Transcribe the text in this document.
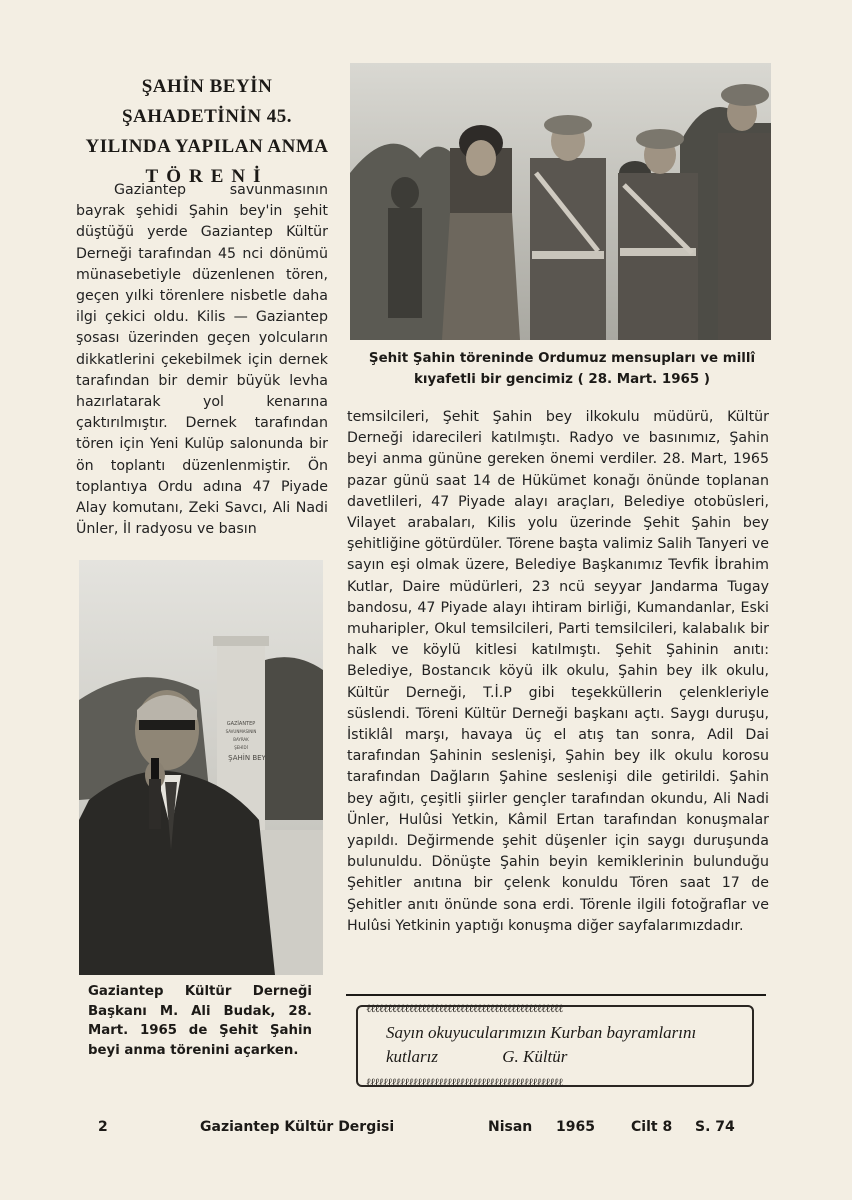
ŞAHİN BEYİN ŞAHADETİNİN 45.
YILINDA YAPILAN ANMA
TÖRENİ

Gaziantep savunmasının bayrak şehidi Şahin bey'in şehit düştüğü yerde Gaziantep Kültür Derneği tarafından 45 nci dönümü münasebetiyle düzenlenen tören, geçen yılki törenlere nisbetle daha ilgi çekici oldu. Kilis — Gaziantep şosası üzerinden geçen yolcuların dikkatlerini çekebilmek için dernek tarafından bir demir büyük levha hazırlatarak yol kenarına çaktırılmıştır. Dernek tarafından tören için Yeni Kulüp salonunda bir ön toplantı düzenlenmiştir. Ön toplantıya Ordu adına 47 Piyade Alay komutanı, Zeki Savcı, Ali Nadi Ünler, İl radyosu ve basın

Şehit Şahin töreninde Ordumuz mensupları ve millî kıyafetli bir gencimiz ( 28. Mart. 1965 )

temsilcileri, Şehit Şahin bey ilkokulu müdürü, Kültür Derneği idarecileri katılmıştı. Radyo ve basınımız, Şahin beyi anma gününe gereken önemi verdiler. 28. Mart, 1965 pazar günü saat 14 de Hükümet konağı önünde toplanan davetlileri, 47 Piyade alayı araçları, Belediye otobüsleri, Vilayet arabaları, Kilis yolu üzerinde Şehit Şahin bey şehitliğine götürdüler. Törene başta valimiz Salih Tanyeri ve sayın eşi olmak üzere, Belediye Başkanımız Tevfik İbrahim Kutlar, Daire müdürleri, 23 ncü seyyar Jandarma Tugay bandosu, 47 Piyade alayı ihtiram birliği, Kumandanlar, Eski muharipler, Okul temsilcileri, Parti temsilcileri, kalabalık bir halk ve köylü kitlesi katılmıştı. Şehit Şahinin anıtı: Belediye, Bostancık köyü ilk okulu, Şahin bey ilk okulu, Kültür Derneği, T.İ.P gibi teşekküllerin çelenkleriyle süslendi. Töreni Kültür Derneği başkanı açtı. Saygı duruşu, İstiklâl marşı, havaya üç el atış tan sonra, Adil Dai tarafından Şahinin seslenişi, Şahin bey ilk okulu korosu tarafından Dağların Şahine seslenişi dile getirildi. Şahin bey ağıtı, çeşitli şiirler gençler tarafından okundu, Ali Nadi Ünler, Hulûsi Yetkin, Kâmil Ertan tarafından konuşmalar yapıldı. Değirmende şehit düşenler için saygı duruşunda bulunuldu. Dönüşte Şahin beyin kemiklerinin bulunduğu Şehitler anıtına bir çelenk konuldu Tören saat 17 de Şehitler anıtı önünde sona erdi. Törenle ilgili fotoğraflar ve Hulûsi Yetkinin yaptığı konuşma diğer sayfalarımızdadır.

GAZİANTEP
SAVUNMASININ
BAYRAK
ŞEHİDİ
ŞAHİN BEY

Gaziantep Kültür Derneği Başkanı M. Ali Budak, 28. Mart. 1965 de Şehit Şahin beyi anma törenini açarken.

ℓℓℓℓℓℓℓℓℓℓℓℓℓℓℓℓℓℓℓℓℓℓℓℓℓℓℓℓℓℓℓℓℓℓℓℓℓℓℓℓℓℓℓℓℓℓ
ℓℓℓℓℓℓℓℓℓℓℓℓℓℓℓℓℓℓℓℓℓℓℓℓℓℓℓℓℓℓℓℓℓℓℓℓℓℓℓℓℓℓℓℓℓℓ
Sayın okuyucularımızın Kurban bayramlarını kutlarız	G. Kültür
2	Gaziantep Kültür Dergisi	Nisan 1965	Cilt 8 S. 74
